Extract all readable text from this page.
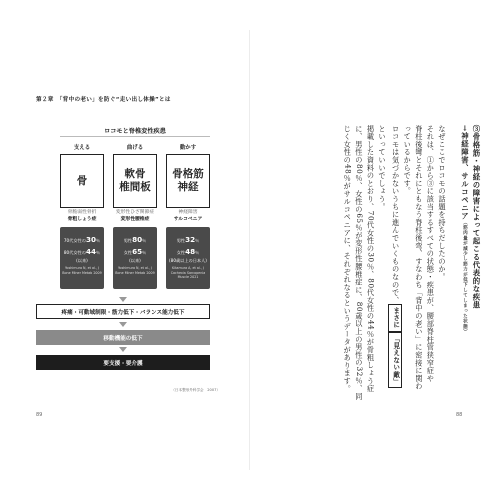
第２章　「背中の老い」を防ぐ“走い出し体操”とは
ロコモと脊椎変性疾患
支える
骨
骨脆弱性骨折
骨粗しょう症
70代女性の30％
80代女性の44％
(以来)
Yoshimura N, et al., J Bone Miner Metab 2009
曲げる
軟骨
椎間板
変形性ひざ関節症
変形性腰椎症
男性80％
女性65％
(以来)
Yoshimura N, et al., J Bone Miner Metab 2009
動かす
骨格筋
神経
神経障害
サルコペニア
男性32％
女性48％
(80歳以上の日本人)
Kitamura A, et al., J Cachexia Sarcopenia Muscle 2021
疼痛・可動域制限・筋力低下・バランス能力低下
移動機能の低下
要支援・要介護
（日本整形外科学会　2007）
89
③骨格筋・神経の障害によって起こる代表的な疾患
→神経障害、サルコペニア（筋肉量が減少し筋力が低下してしまった状態）
なぜここでロコモの話題を持ちだしたのか。
それは、①から③に該当するすべての状態・疾患が、腰部脊柱管狭窄症や
脊柱後彎とそれにともなう脊柱後弯、すなわち「背中の老い」に密接に関わ
っているからです。
ロコモは気づかないうちに進んでいくものなので、まさに「見えない敵」
といっていいでしょう。
掲載した資料のとおり、70代女性の30％、80代女性の44％が骨粗しょう症
に、男性の80％、女性の65％が変形性腰椎症に、80歳以上の男性の32％、同
じく女性の48％がサルコペニアに、それぞれなるというデータがあります。
88
